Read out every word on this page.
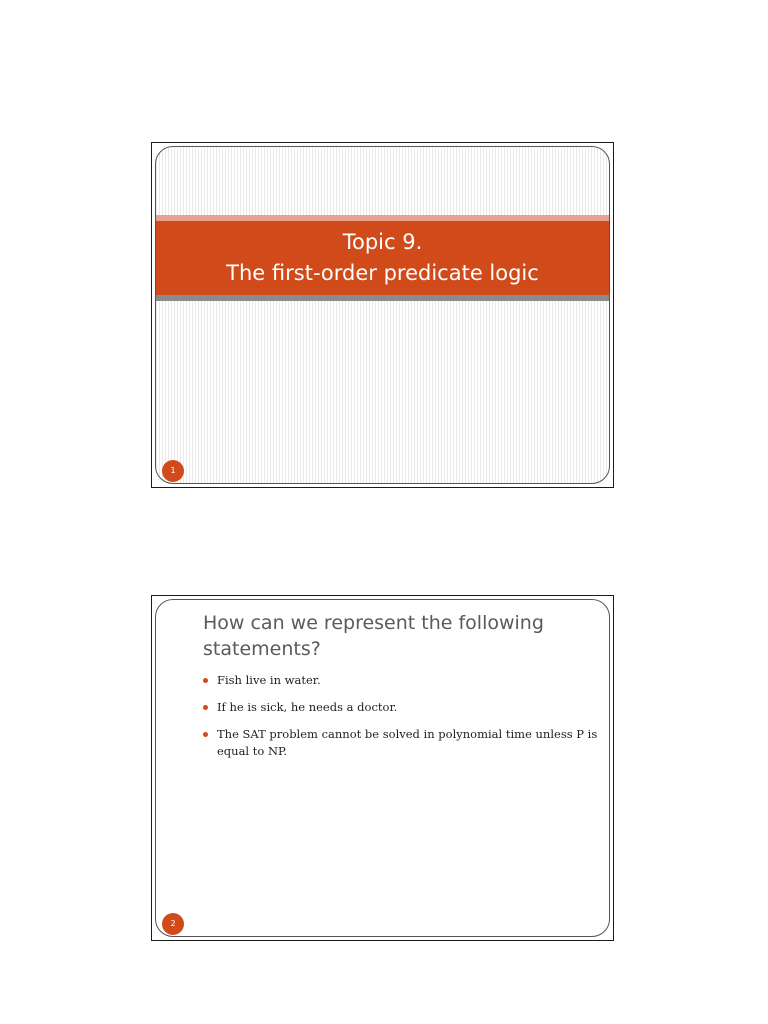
Topic 9.
The first-order predicate logic
1
How can we represent the following statements?
Fish live in water.
If he is sick, he needs a doctor.
The SAT problem cannot be solved in polynomial time unless P is equal to NP.
2
